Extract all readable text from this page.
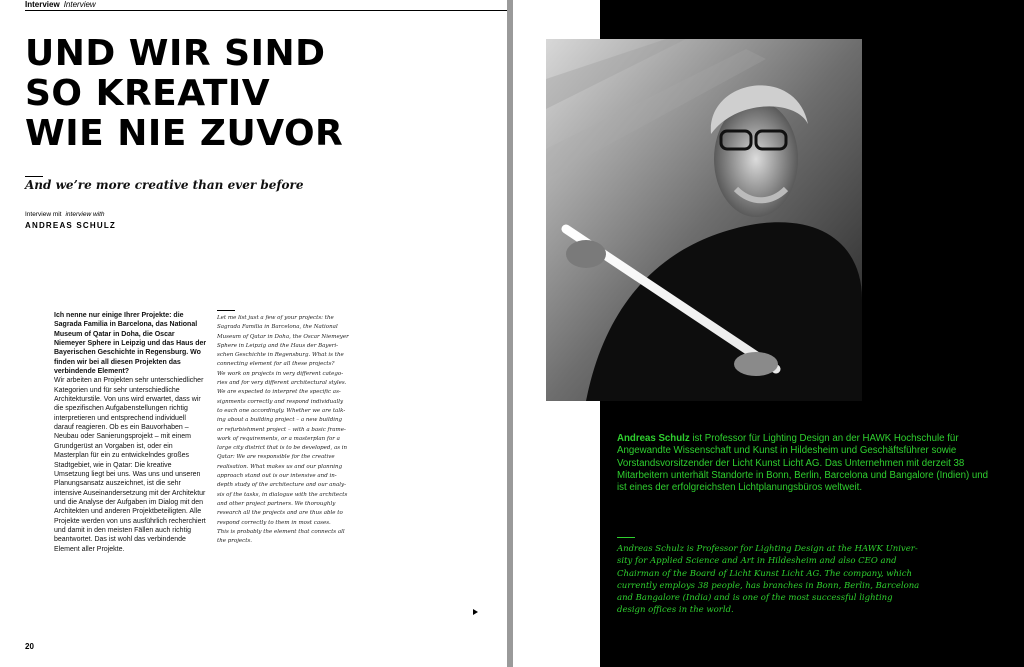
Interview Interview
UND WIR SIND
SO KREATIV
WIE NIE ZUVOR
And we’re more creative than ever before
Interview mit interview with
ANDREAS SCHULZ

Ich nenne nur einige Ihrer Projekte: die Sagrada Familia in Barcelona, das National Museum of Qatar in Doha, die Oscar Niemeyer Sphere in Leipzig und das Haus der Bayerischen Geschichte in Regensburg. Wo finden wir bei all diesen Projekten das verbindende Element?

Wir arbeiten an Projekten sehr unterschiedlicher Kategorien und für sehr unterschiedliche Architekturstile. Von uns wird erwartet, dass wir die spezifischen Aufgabenstellungen richtig interpretieren und entsprechend individuell darauf reagieren. Ob es ein Bauvorhaben – Neubau oder Sanierungsprojekt – mit einem Grundgerüst an Vorgaben ist, oder ein Masterplan für ein zu entwickelndes großes Stadtgebiet, wie in Qatar: Die kreative Umsetzung liegt bei uns. Was uns und unseren Planungsansatz auszeichnet, ist die sehr intensive Auseinandersetzung mit der Architektur und die Analyse der Aufgaben im Dialog mit den Architekten und anderen Projektbeteiligten. Alle Projekte werden von uns ausführlich recherchiert und damit in den meisten Fällen auch richtig beantwortet. Das ist wohl das verbindende Element aller Projekte.

Let me list just a few of your projects: the

Sagrada Familia in Barcelona, the National

Museum of Qatar in Doha, the Oscar Niemeyer

Sphere in Leipzig and the Haus der Bayeri-

schen Geschichte in Regensburg. What is the

connecting element for all these projects?

We work on projects in very different catego-

ries and for very different architectural styles.

We are expected to interpret the specific as-

signments correctly and respond individually

to each one accordingly. Whether we are talk-

ing about a building project – a new building

or refurbishment project – with a basic frame-

work of requirements, or a masterplan for a

large city district that is to be developed, as in

Qatar: We are responsible for the creative

realisation. What makes us and our planning

approach stand out is our intensive and in-

depth study of the architecture and our analy-

sis of the tasks, in dialogue with the architects

and other project partners. We thoroughly

research all the projects and are thus able to

respond correctly to them in most cases.

This is probably the element that connects all

the projects.

20

Andreas Schulz ist Professor für Lighting Design an der HAWK Hochschule für Angewandte Wissenschaft und Kunst in Hildesheim und Geschäftsführer sowie Vorstandsvorsitzender der Licht Kunst Licht AG. Das Unternehmen mit derzeit 38 Mitarbeitern unterhält Standorte in Bonn, Berlin, Barcelona und Bangalore (Indien) und ist eines der erfolgreichsten Lichtplanungsbüros weltweit.

Andreas Schulz is Professor for Lighting Design at the HAWK Univer-
sity for Applied Science and Art in Hildesheim and also CEO and
Chairman of the Board of Licht Kunst Licht AG. The company, which
currently employs 38 people, has branches in Bonn, Berlin, Barcelona
and Bangalore (India) and is one of the most successful lighting
design offices in the world.
